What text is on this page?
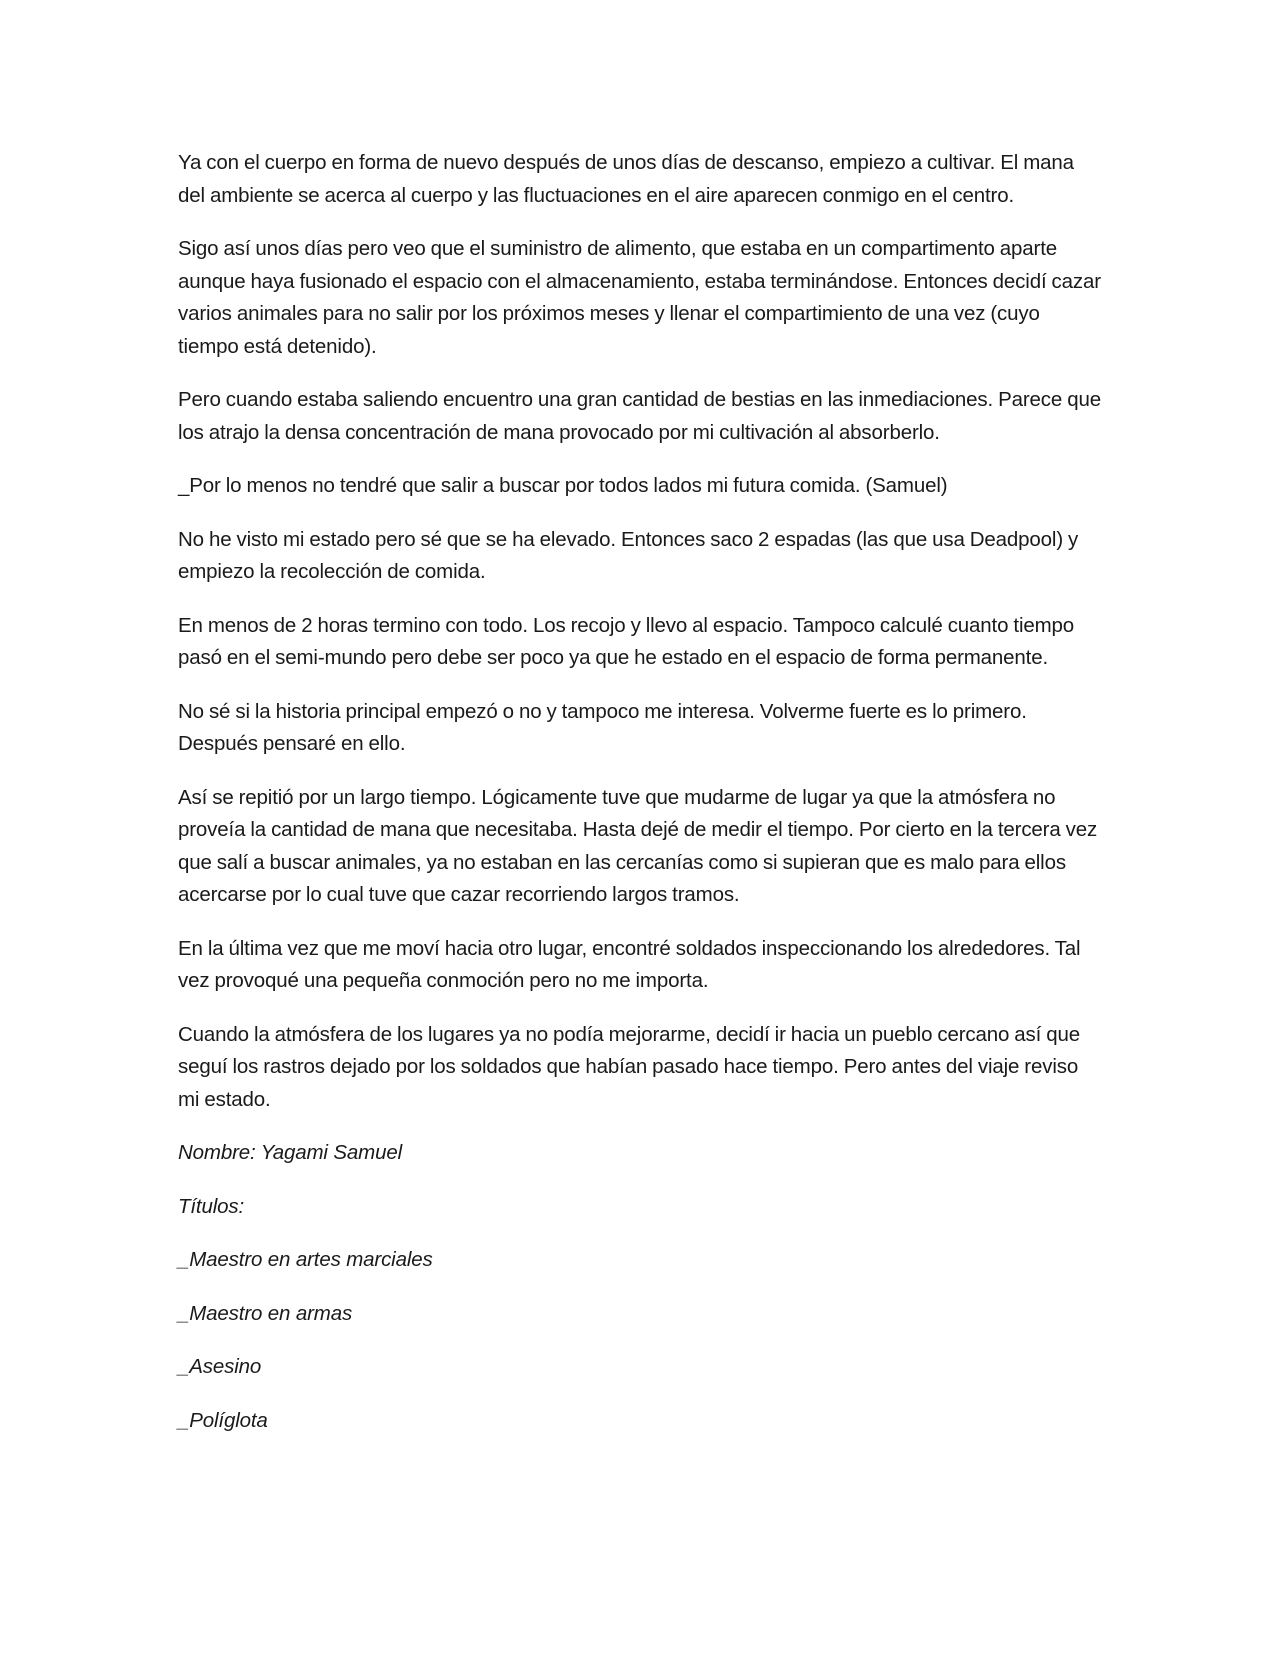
Ya con el cuerpo en forma de nuevo después de unos días de descanso, empiezo a cultivar. El mana del ambiente se acerca al cuerpo y las fluctuaciones en el aire aparecen conmigo en el centro.

Sigo así unos días pero veo que el suministro de alimento, que estaba en un compartimento aparte aunque haya fusionado el espacio con el almacenamiento, estaba terminándose. Entonces decidí cazar varios animales para no salir por los próximos meses y llenar el compartimiento de una vez (cuyo tiempo está detenido).

Pero cuando estaba saliendo encuentro una gran cantidad de bestias en las inmediaciones. Parece que los atrajo la densa concentración de mana provocado por mi cultivación al absorberlo.

_Por lo menos no tendré que salir a buscar por todos lados mi futura comida. (Samuel)

No he visto mi estado pero sé que se ha elevado. Entonces saco 2 espadas (las que usa Deadpool) y empiezo la recolección de comida.

En menos de 2 horas termino con todo. Los recojo y llevo al espacio. Tampoco calculé cuanto tiempo pasó en el semi-mundo pero debe ser poco ya que he estado en el espacio de forma permanente.

No sé si la historia principal empezó o no y tampoco me interesa. Volverme fuerte es lo primero. Después pensaré en ello.

Así se repitió por un largo tiempo. Lógicamente tuve que mudarme de lugar ya que la atmósfera no proveía la cantidad de mana que necesitaba. Hasta dejé de medir el tiempo. Por cierto en la tercera vez que salí a buscar animales, ya no estaban en las cercanías como si supieran que es malo para ellos acercarse por lo cual tuve que cazar recorriendo largos tramos.

En la última vez que me moví hacia otro lugar, encontré soldados inspeccionando los alrededores. Tal vez provoqué una pequeña conmoción pero no me importa.

Cuando la atmósfera de los lugares ya no podía mejorarme, decidí ir hacia un pueblo cercano así que seguí los rastros dejado por los soldados que habían pasado hace tiempo. Pero antes del viaje reviso mi estado.

Nombre: Yagami Samuel

Títulos:

_Maestro en artes marciales

_Maestro en armas

_Asesino

_Políglota
